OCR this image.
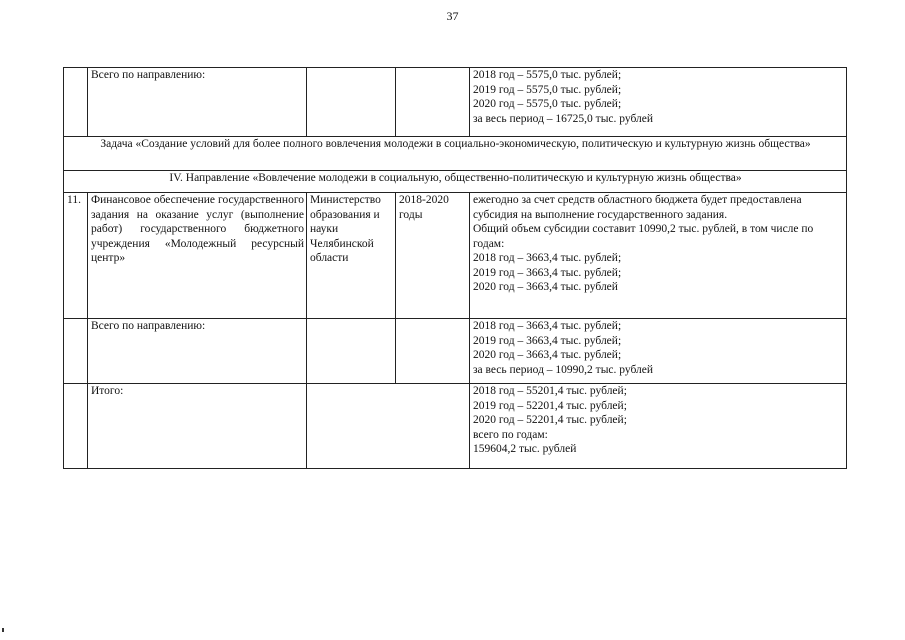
37
	Всего по направлению:			2018 год – 5575,0 тыс. рублей;
2019 год – 5575,0 тыс. рублей;
2020 год – 5575,0 тыс. рублей;
за весь период – 16725,0 тыс. рублей

Задача «Создание условий для более полного вовлечения молодежи в социально-экономическую, политическую и культурную жизнь общества»				
IV. Направление «Вовлечение молодежи в социальную, общественно-политическую и культурную жизнь общества»				
11.	Финансовое обеспечение государственного задания на оказание услуг (выполнение работ) государственного бюджетного учреждения «Молодежный ресурсный центр»	Министерство образования и науки Челябинской области	2018-2020 годы	ежегодно за счет средств областного бюджета будет предоставлена субсидия на выполнение государственного задания.
Общий объем субсидии составит 10990,2 тыс. рублей, в том числе по годам:
2018 год – 3663,4 тыс. рублей;
2019 год – 3663,4 тыс. рублей;
2020 год – 3663,4 тыс. рублей

	Всего по направлению:			2018 год – 3663,4 тыс. рублей;
2019 год – 3663,4 тыс. рублей;
2020 год – 3663,4 тыс. рублей;
за весь период – 10990,2 тыс. рублей

	Итого:			2018 год – 55201,4 тыс. рублей;
2019 год – 52201,4 тыс. рублей;
2020 год – 52201,4 тыс. рублей;
всего по годам:
159604,2 тыс. рублей
